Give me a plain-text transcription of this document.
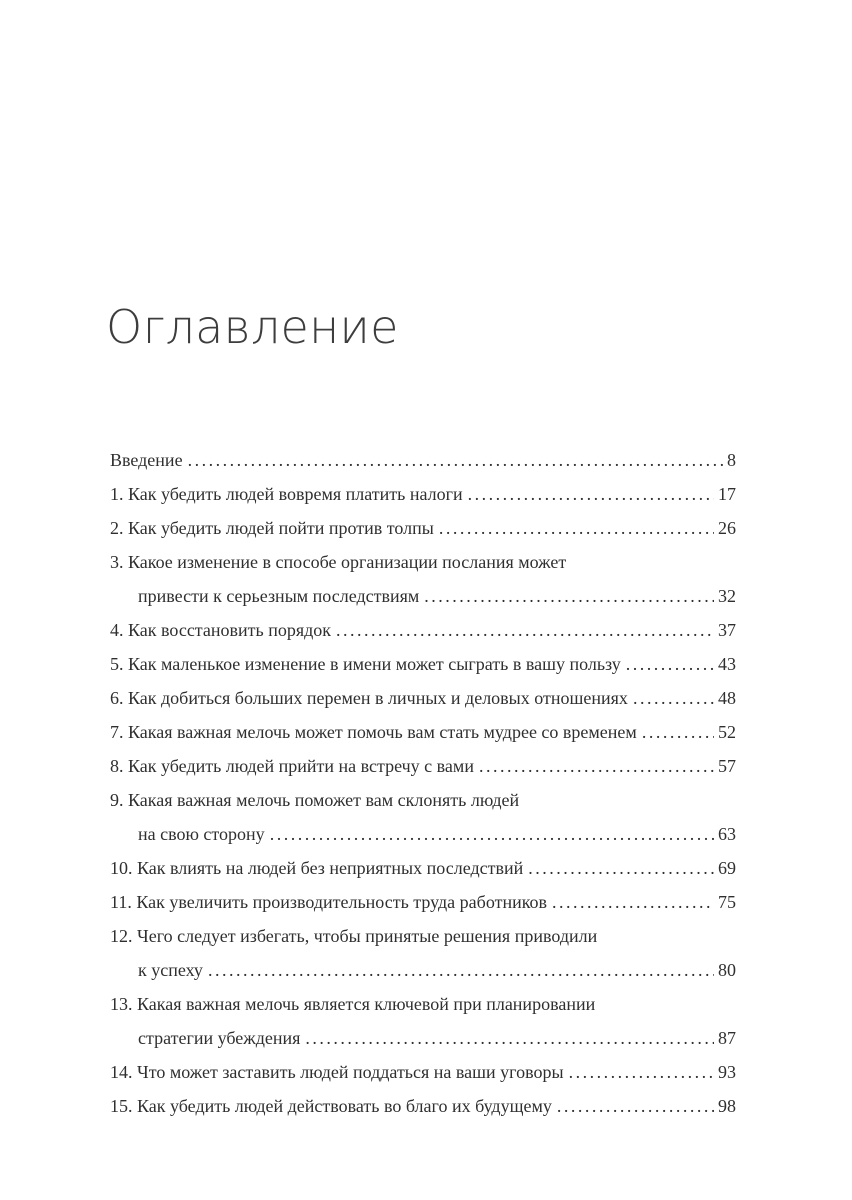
Оглавление
Введение .....	8
1. Как убедить людей вовремя платить налоги .....	17
2. Как убедить людей пойти против толпы .....	26
3. Какое изменение в способе организации послания может
привести к серьезным последствиям .....	32
4. Как восстановить порядок .....	37
5. Как маленькое изменение в имени может сыграть в вашу пользу .....	43
6. Как добиться больших перемен в личных и деловых отношениях .....	48
7. Какая важная мелочь может помочь вам стать мудрее со временем .....	52
8. Как убедить людей прийти на встречу с вами .....	57
9. Какая важная мелочь поможет вам склонять людей
на свою сторону .....	63
10. Как влиять на людей без неприятных последствий .....	69
11. Как увеличить производительность труда работников .....	75
12. Чего следует избегать, чтобы принятые решения приводили
к успеху .....	80
13. Какая важная мелочь является ключевой при планировании
стратегии убеждения .....	87
14. Что может заставить людей поддаться на ваши уговоры .....	93
15. Как убедить людей действовать во благо их будущему .....	98
